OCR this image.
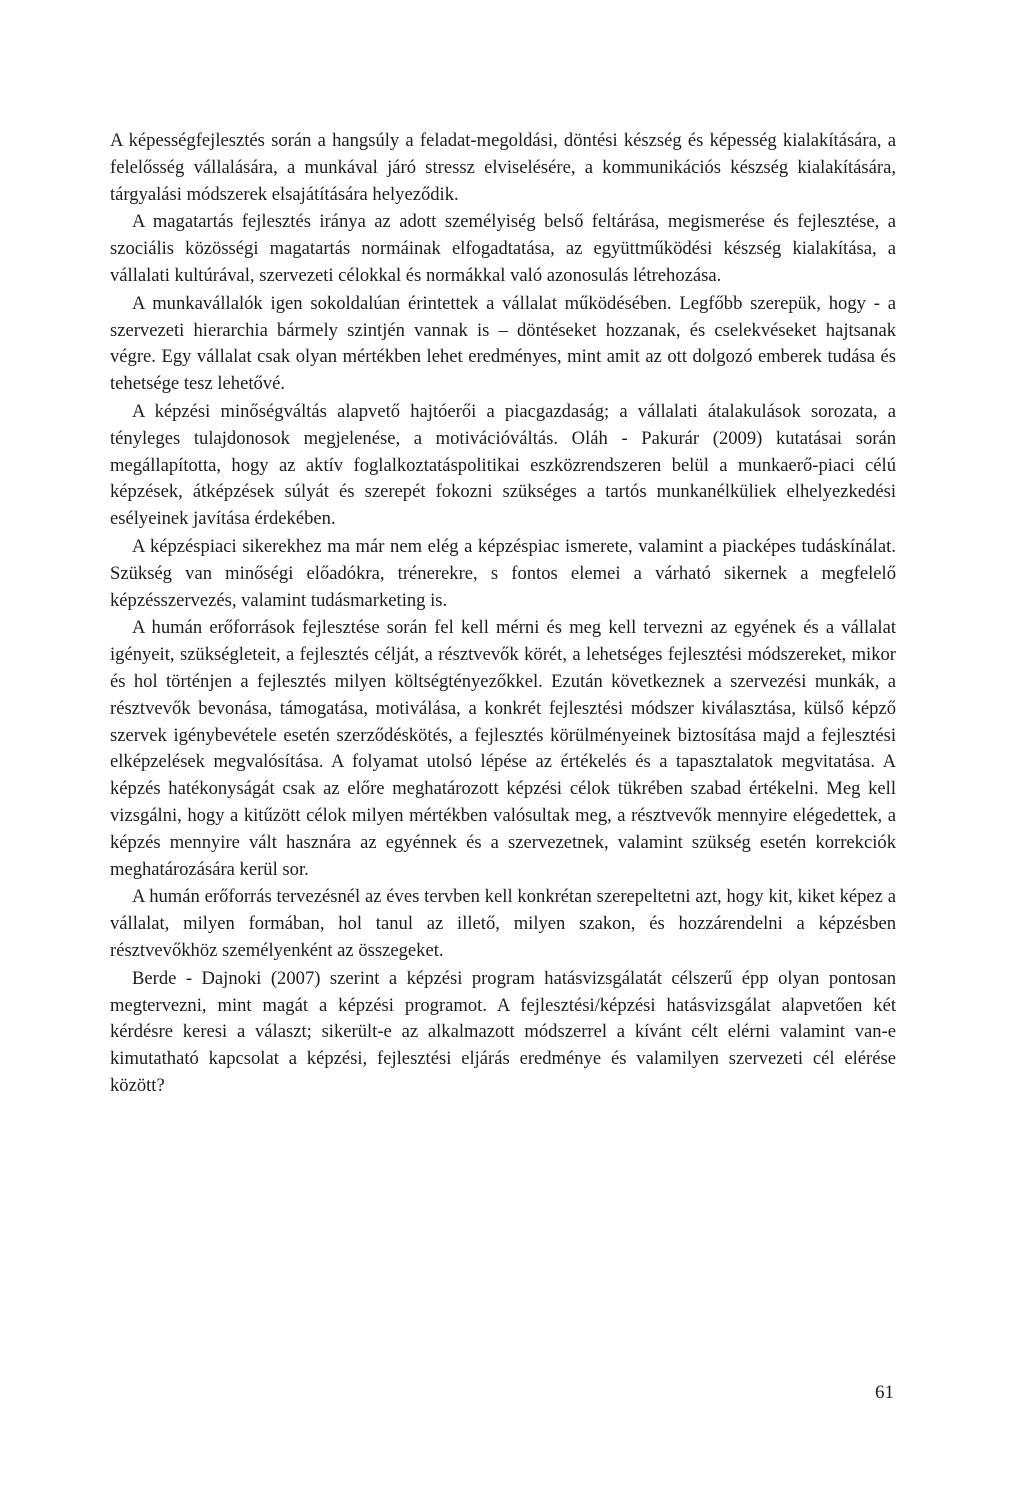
A képességfejlesztés során a hangsúly a feladat-megoldási, döntési készség és képesség kialakítására, a felelősség vállalására, a munkával járó stressz elviselésére, a kommunikációs készség kialakítására, tárgyalási módszerek elsajátítására helyeződik.

A magatartás fejlesztés iránya az adott személyiség belső feltárása, megismerése és fejlesztése, a szociális közösségi magatartás normáinak elfogadtatása, az együttműködési készség kialakítása, a vállalati kultúrával, szervezeti célokkal és normákkal való azonosulás létrehozása.

A munkavállalók igen sokoldalúan érintettek a vállalat működésében. Legfőbb szerepük, hogy - a szervezeti hierarchia bármely szintjén vannak is – döntéseket hozzanak, és cselekvéseket hajtsanak végre. Egy vállalat csak olyan mértékben lehet eredményes, mint amit az ott dolgozó emberek tudása és tehetsége tesz lehetővé.

A képzési minőségváltás alapvető hajtóerői a piacgazdaság; a vállalati átalakulások sorozata, a tényleges tulajdonosok megjelenése, a motivációváltás. Oláh - Pakurár (2009) kutatásai során megállapította, hogy az aktív foglalkoztatáspolitikai eszközrendszeren belül a munkaerő-piaci célú képzések, átképzések súlyát és szerepét fokozni szükséges a tartós munkanélküliek elhelyezkedési esélyeinek javítása érdekében.

A képzéspiaci sikerekhez ma már nem elég a képzéspiac ismerete, valamint a piacképes tudáskínálat. Szükség van minőségi előadókra, trénerekre, s fontos elemei a várható sikernek a megfelelő képzésszervezés, valamint tudásmarketing is.

A humán erőforrások fejlesztése során fel kell mérni és meg kell tervezni az egyének és a vállalat igényeit, szükségleteit, a fejlesztés célját, a résztvevők körét, a lehetséges fejlesztési módszereket, mikor és hol történjen a fejlesztés milyen költségtényezőkkel. Ezután következnek a szervezési munkák, a résztvevők bevonása, támogatása, motiválása, a konkrét fejlesztési módszer kiválasztása, külső képző szervek igénybevétele esetén szerződéskötés, a fejlesztés körülményeinek biztosítása majd a fejlesztési elképzelések megvalósítása. A folyamat utolsó lépése az értékelés és a tapasztalatok megvitatása. A képzés hatékonyságát csak az előre meghatározott képzési célok tükrében szabad értékelni. Meg kell vizsgálni, hogy a kitűzött célok milyen mértékben valósultak meg, a résztvevők mennyire elégedettek, a képzés mennyire vált hasznára az egyénnek és a szervezetnek, valamint szükség esetén korrekciók meghatározására kerül sor.

A humán erőforrás tervezésnél az éves tervben kell konkrétan szerepeltetni azt, hogy kit, kiket képez a vállalat, milyen formában, hol tanul az illető, milyen szakon, és hozzárendelni a képzésben résztvevőkhöz személyenként az összegeket.

Berde - Dajnoki (2007) szerint a képzési program hatásvizsgálatát célszerű épp olyan pontosan megtervezni, mint magát a képzési programot. A fejlesztési/képzési hatásvizsgálat alapvetően két kérdésre keresi a választ; sikerült-e az alkalmazott módszerrel a kívánt célt elérni valamint van-e kimutatható kapcsolat a képzési, fejlesztési eljárás eredménye és valamilyen szervezeti cél elérése között?

61
